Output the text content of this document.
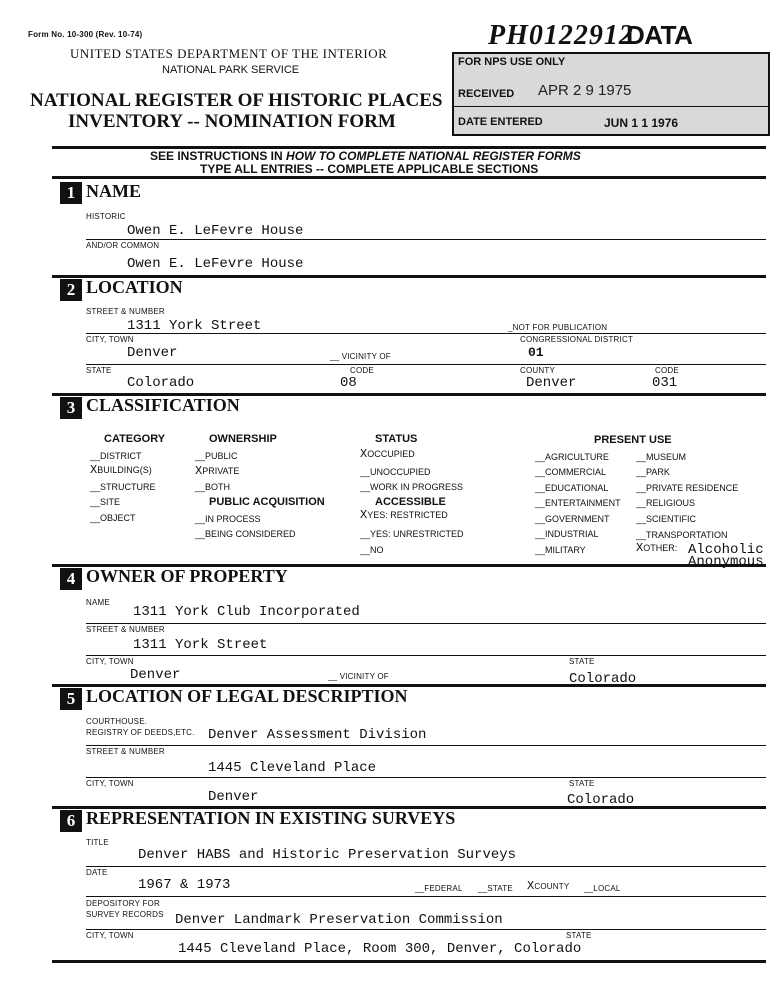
Form No. 10-300 (Rev. 10-74)
UNITED STATES DEPARTMENT OF THE INTERIOR
NATIONAL PARK SERVICE
NATIONAL REGISTER OF HISTORIC PLACES
INVENTORY -- NOMINATION FORM
PH0122912
DATA
FOR NPS USE ONLY
RECEIVED APR 2 9 1975
DATE ENTERED	JUN 1 1 1976
SEE INSTRUCTIONS IN HOW TO COMPLETE NATIONAL REGISTER FORMS
TYPE ALL ENTRIES -- COMPLETE APPLICABLE SECTIONS
1 NAME
HISTORIC
Owen E. LeFevre House
AND/OR COMMON
Owen E. LeFevre House
2 LOCATION
STREET & NUMBER
1311 York Street	_NOT FOR PUBLICATION
CITY, TOWN	CONGRESSIONAL DISTRICT
Denver	__ VICINITY OF	01
STATE	CODE	COUNTY	CODE
Colorado	08	Denver	031
3 CLASSIFICATION
CATEGORY
__DISTRICT
XBUILDING(S)
__STRUCTURE
__SITE
__OBJECT
OWNERSHIP
__PUBLIC
XPRIVATE
__BOTH
PUBLIC ACQUISITION
__IN PROCESS
__BEING CONSIDERED
STATUS
XOCCUPIED
__UNOCCUPIED
__WORK IN PROGRESS
ACCESSIBLE
XYES: RESTRICTED
__YES: UNRESTRICTED
__NO
PRESENT USE
__AGRICULTURE
__COMMERCIAL
__EDUCATIONAL
__ENTERTAINMENT
__GOVERNMENT
__INDUSTRIAL
__MILITARY
__MUSEUM
__PARK
__PRIVATE RESIDENCE
__RELIGIOUS
__SCIENTIFIC
__TRANSPORTATION
XOTHER: Alcoholic
Anonymous
4 OWNER OF PROPERTY
NAME
1311 York Club Incorporated
STREET & NUMBER
1311 York Street
CITY, TOWN	STATE
Denver	__ VICINITY OF	Colorado
5 LOCATION OF LEGAL DESCRIPTION
COURTHOUSE.
REGISTRY OF DEEDS,ETC. Denver Assessment Division
STREET & NUMBER
1445 Cleveland Place
CITY, TOWN	STATE
Denver	Colorado
6 REPRESENTATION IN EXISTING SURVEYS
TITLE
Denver HABS and Historic Preservation Surveys
DATE
1967 & 1973	__FEDERAL __STATE XCOUNTY __LOCAL
DEPOSITORY FOR
SURVEY RECORDS Denver Landmark Preservation Commission
CITY, TOWN	STATE
1445 Cleveland Place, Room 300, Denver, Colorado
